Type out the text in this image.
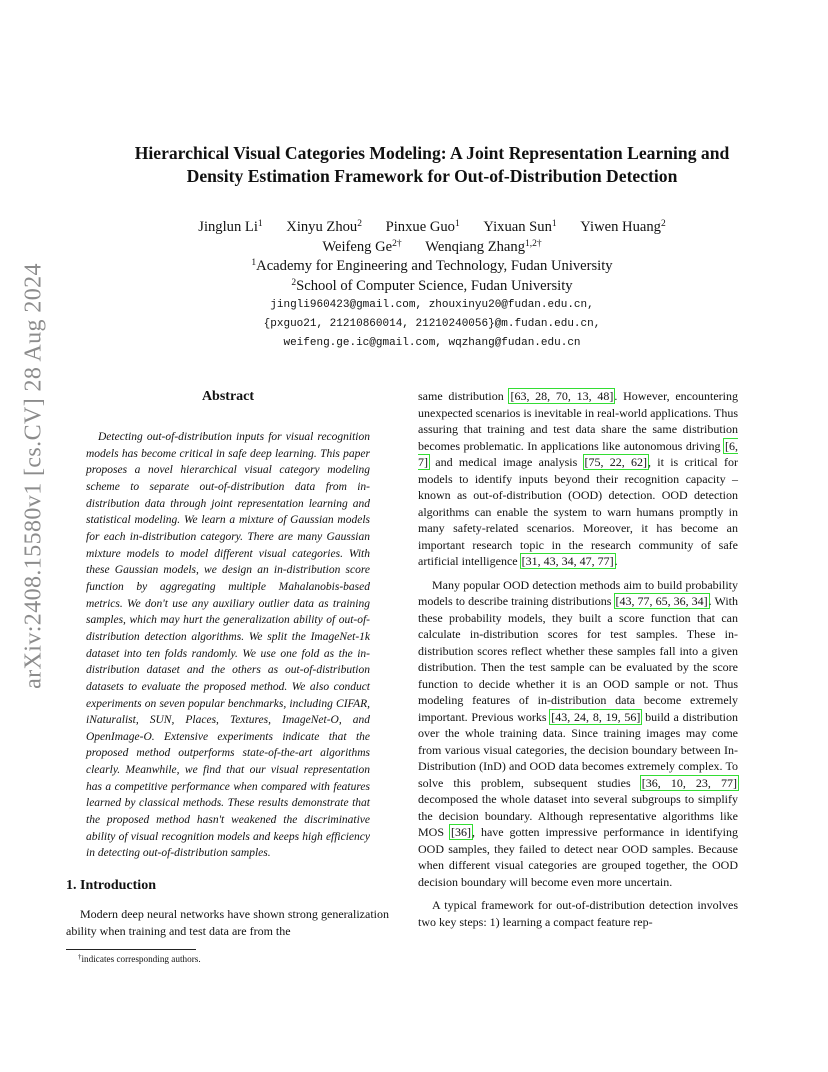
arXiv:2408.15580v1 [cs.CV] 28 Aug 2024
Hierarchical Visual Categories Modeling: A Joint Representation Learning and
Density Estimation Framework for Out-of-Distribution Detection
Jinglun Li$^1$ Xinyu Zhou$^2$ Pinxue Guo$^1$ Yixuan Sun$^1$ Yiwen Huang$^2$
Weifeng $Ge^{2\dagger}$ Wenqiang Zhang$^{1,2\dagger}$
$^1$Academy for Engineering and Technology, Fudan University
$^2$School of Computer Science, Fudan University
jingli960423@gmail.com, zhouxinyu20@fudan.edu.cn,
{pxguo21, 21210860014, 21210240056}@m.fudan.edu.cn,
weifeng.ge.ic@gmail.com, wqzhang@fudan.edu.cn
Abstract

Detecting out-of-distribution inputs for visual recognition models has become critical in safe deep learning. This paper proposes a novel hierarchical visual category modeling scheme to separate out-of-distribution data from in-distribution data through joint representation learning and statistical modeling. We learn a mixture of Gaussian models for each in-distribution category. There are many Gaussian mixture models to model different visual categories. With these Gaussian models, we design an in-distribution score function by aggregating multiple Mahalanobis-based metrics. We don't use any auxiliary outlier data as training samples, which may hurt the generalization ability of out-of-distribution detection algorithms. We split the ImageNet-1k dataset into ten folds randomly. We use one fold as the in-distribution dataset and the others as out-of-distribution datasets to evaluate the proposed method. We also conduct experiments on seven popular benchmarks, including CIFAR, iNaturalist, SUN, Places, Textures, ImageNet-O, and OpenImage-O. Extensive experiments indicate that the proposed method outperforms state-of-the-art algorithms clearly. Meanwhile, we find that our visual representation has a competitive performance when compared with features learned by classical methods. These results demonstrate that the proposed method hasn't weakened the discriminative ability of visual recognition models and keeps high efficiency in detecting out-of-distribution samples.

1. Introduction

Modern deep neural networks have shown strong generalization ability when training and test data are from the

†indicates corresponding authors.

same distribution [63, 28, 70, 13, 48]. However, encountering unexpected scenarios is inevitable in real-world applications. Thus assuring that training and test data share the same distribution becomes problematic. In applications like autonomous driving [6, 7] and medical image analysis [75, 22, 62], it is critical for models to identify inputs beyond their recognition capacity – known as out-of-distribution (OOD) detection. OOD detection algorithms can enable the system to warn humans promptly in many safety-related scenarios. Moreover, it has become an important research topic in the research community of safe artificial intelligence [31, 43, 34, 47, 77].

Many popular OOD detection methods aim to build probability models to describe training distributions [43, 77, 65, 36, 34]. With these probability models, they built a score function that can calculate in-distribution scores for test samples. These in-distribution scores reflect whether these samples fall into a given distribution. Then the test sample can be evaluated by the score function to decide whether it is an OOD sample or not. Thus modeling features of in-distribution data become extremely important. Previous works [43, 24, 8, 19, 56] build a distribution over the whole training data. Since training images may come from various visual categories, the decision boundary between In-Distribution (InD) and OOD data becomes extremely complex. To solve this problem, subsequent studies [36, 10, 23, 77] decomposed the whole dataset into several subgroups to simplify the decision boundary. Although representative algorithms like MOS [36], have gotten impressive performance in identifying OOD samples, they failed to detect near OOD samples. Because when different visual categories are grouped together, the OOD decision boundary will become even more uncertain.

A typical framework for out-of-distribution detection involves two key steps: 1) learning a compact feature rep-
